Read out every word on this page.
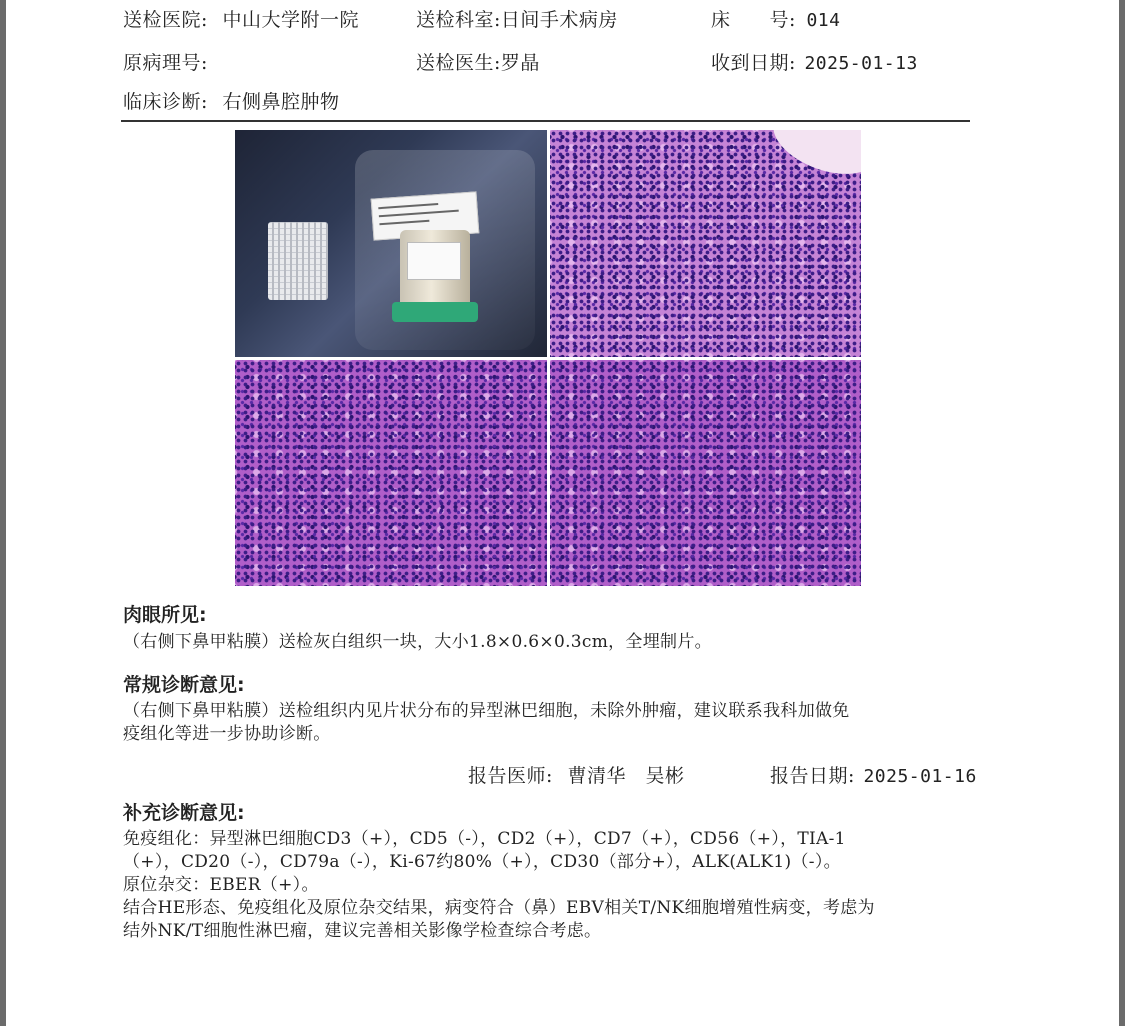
送检医院: 中山大学附一院	送检科室:日间手术病房	床　　号: 014
原病理号:	送检医生:罗晶	收到日期: 2025-01-13
临床诊断: 右侧鼻腔肿物
肉眼所见:
（右侧下鼻甲粘膜）送检灰白组织一块，大小1.8×0.6×0.3cm，全埋制片。
常规诊断意见:
（右侧下鼻甲粘膜）送检组织内见片状分布的异型淋巴细胞，未除外肿瘤，建议联系我科加做免
疫组化等进一步协助诊断。
报告医师: 曹清华　吴彬	报告日期: 2025-01-16
补充诊断意见:
免疫组化：异型淋巴细胞CD3（+），CD5（-），CD2（+），CD7（+），CD56（+），TIA-1
（+），CD20（-），CD79a（-），Ki-67约80%（+），CD30（部分+），ALK(ALK1)（-）。
原位杂交：EBER（+）。
结合HE形态、免疫组化及原位杂交结果，病变符合（鼻）EBV相关T/NK细胞增殖性病变，考虑为
结外NK/T细胞性淋巴瘤，建议完善相关影像学检查综合考虑。
